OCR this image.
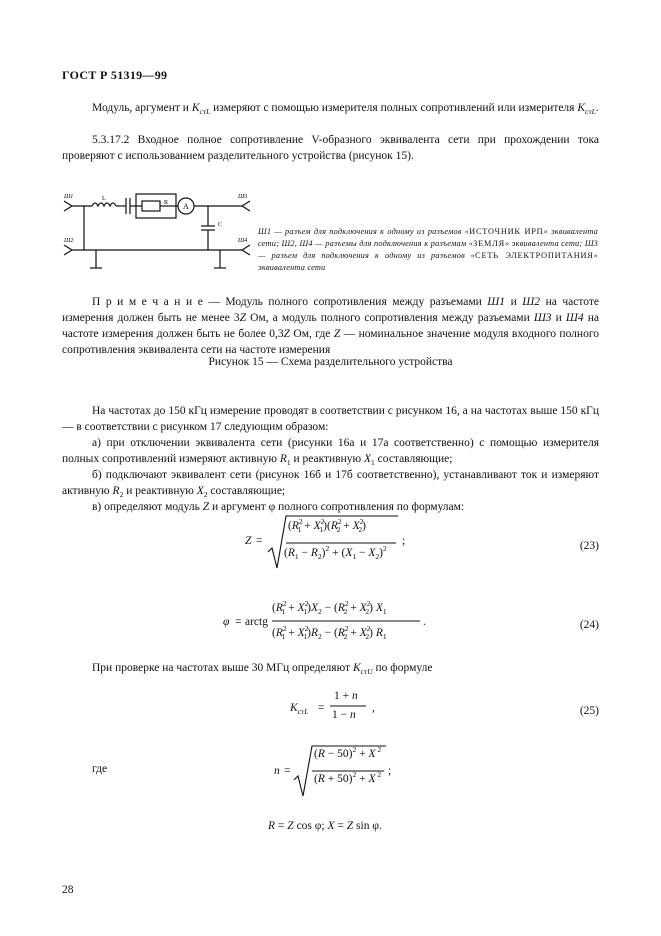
ГОСТ Р 51319—99

Модуль, аргумент и $K_{стL}$ измеряют с помощью измерителя полных сопротивлений или измерителя $K_{стL}$.

5.3.17.2 Входное полное сопротивление V-образного эквивалента сети при прохождении тока проверяют с использованием разделительного устройства (рисунок 15).

Ш1
Ш2
Ш3
Ш4
L
R A
C
Ш1 — разъем для подключения к одному из разъемов «ИСТОЧНИК ИРП» эквивалента сети; Ш2, Ш4 — разъемы для подключения к разъемам «ЗЕМЛЯ» эквивалента сети; Ш3 — разъем для подключения к одному из разъемов «СЕТЬ ЭЛЕКТРОПИТАНИЯ» эквивалента сети

П р и м е ч а н и е — Модуль полного сопротивления между разъемами Ш1 и Ш2 на частоте измерения должен быть не менее 3Z Ом, а модуль полного сопротивления между разъемами Ш3 и Ш4 на частоте измерения должен быть не более 0,3Z Ом, где Z — номинальное значение модуля входного полного сопротивления эквивалента сети на частоте измерения

Рисунок 15 — Схема разделительного устройства

На частотах до 150 кГц измерение проводят в соответствии с рисунком 16, а на частотах выше 150 кГц — в соответствии с рисунком 17 следующим образом:

а) при отключении эквивалента сети (рисунки 16а и 17а соответственно) с помощью измерителя полных сопротивлений измеряют активную $R_1$ и реактивную $X_1$ составляющие;

б) подключают эквивалент сети (рисунок 16б и 17б соответственно), устанавливают ток и измеряют активную $R_2$ и реактивную $X_2$ составляющие;

в) определяют модуль Z и аргумент φ полного сопротивления по формулам:

Z =
$(R^2_1 + X^2_1)(R^2_2 + X^2_2)$
$(R_1 - R_2)^2 + (X_1 - X_2)^2$
;	(23)
φ = arctg
$(R^2_1 + X^2_1)X_2 - (R^2_2 + X^2_2)$ $X_1$
$(R^2_1 + X^2_1)R_2 - (R^2_2 + X^2_2)$ $R_1$
.	(24)

При проверке на частотах выше 30 МГц определяют $K_{стU}$ по формуле

$K_{стL}$ =
1 + n
1 − n
,	(25)
где	n =
$(R - 50)^2 + X$ $^2$
$(R + 50)^2 + X$ $^2$ ;
R = Z cos φ; X = Z sin φ.
28
